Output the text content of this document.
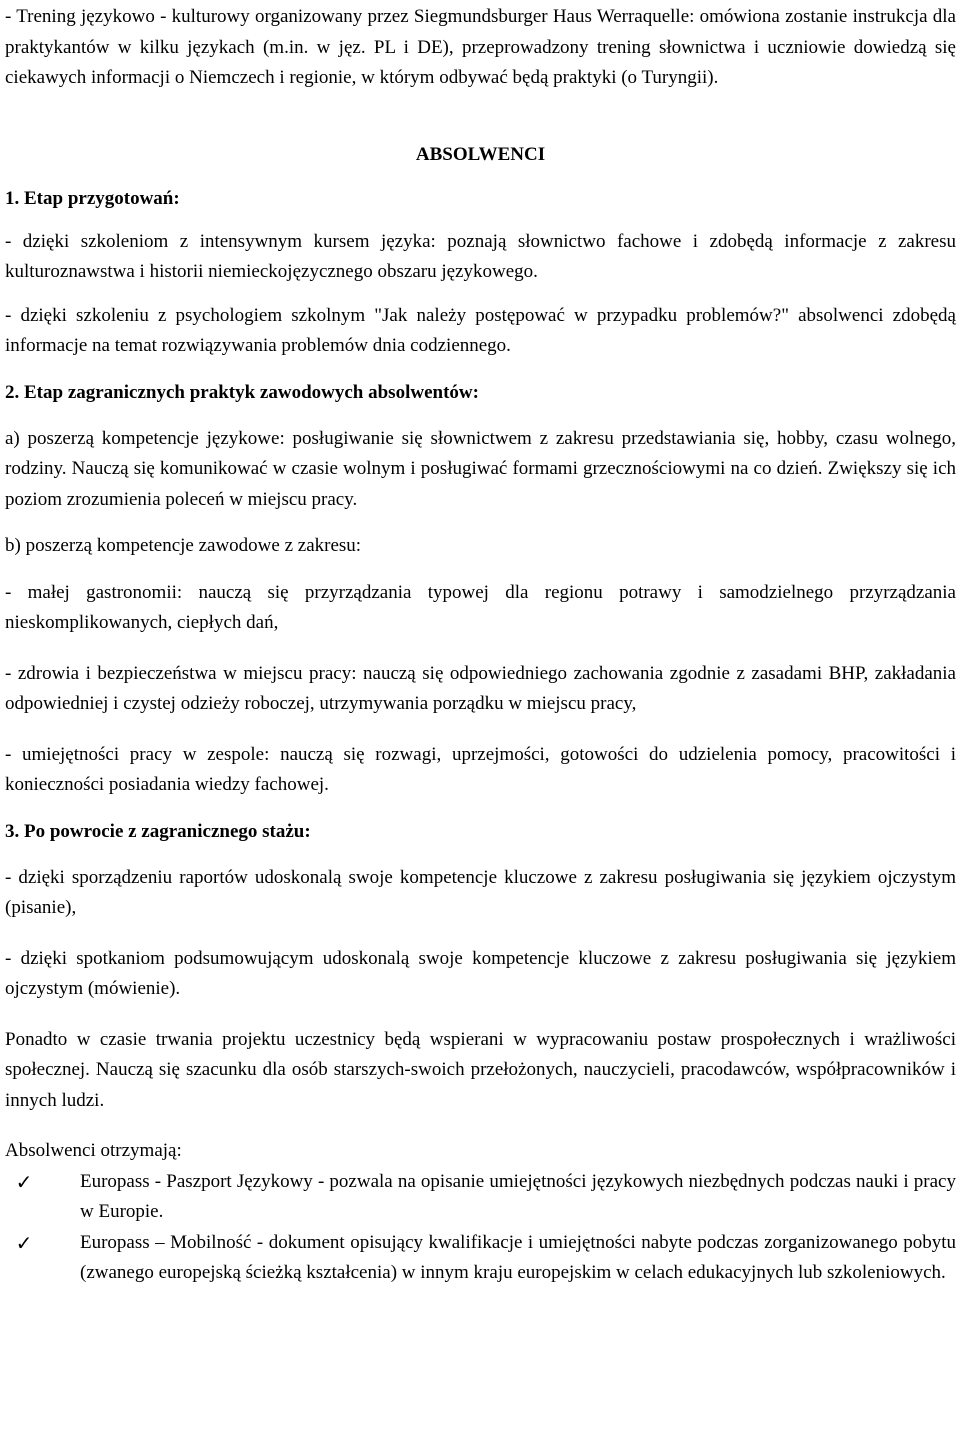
- Trening językowo - kulturowy organizowany przez Siegmundsburger Haus Werraquelle: omówiona zostanie instrukcja dla praktykantów w kilku językach (m.in. w jęz. PL i DE), przeprowadzony trening słownictwa i uczniowie dowiedzą się ciekawych informacji o Niemczech i regionie, w którym odbywać będą praktyki (o Turyngii).

ABSOLWENCI
1. Etap przygotowań:

- dzięki szkoleniom z intensywnym kursem języka: poznają słownictwo fachowe i zdobędą informacje z zakresu kulturoznawstwa i historii niemieckojęzycznego obszaru językowego.

- dzięki szkoleniu z psychologiem szkolnym "Jak należy postępować w przypadku problemów?" absolwenci zdobędą informacje na temat rozwiązywania problemów dnia codziennego.

2. Etap zagranicznych praktyk zawodowych absolwentów:

a) poszerzą kompetencje językowe: posługiwanie się słownictwem z zakresu przedstawiania się, hobby, czasu wolnego, rodziny. Nauczą się komunikować w czasie wolnym i posługiwać formami grzecznościowymi na co dzień. Zwiększy się ich poziom zrozumienia poleceń w miejscu pracy.

b) poszerzą kompetencje zawodowe z zakresu:

- małej gastronomii: nauczą się przyrządzania typowej dla regionu potrawy i samodzielnego przyrządzania nieskomplikowanych, ciepłych dań,

- zdrowia i bezpieczeństwa w miejscu pracy: nauczą się odpowiedniego zachowania zgodnie z zasadami BHP, zakładania odpowiedniej i czystej odzieży roboczej, utrzymywania porządku w miejscu pracy,

- umiejętności pracy w zespole: nauczą się rozwagi, uprzejmości, gotowości do udzielenia pomocy, pracowitości i konieczności posiadania wiedzy fachowej.

3. Po powrocie z zagranicznego stażu:

- dzięki sporządzeniu raportów udoskonalą swoje kompetencje kluczowe z zakresu posługiwania się językiem ojczystym (pisanie),

- dzięki spotkaniom podsumowującym udoskonalą swoje kompetencje kluczowe z zakresu posługiwania się językiem ojczystym (mówienie).

Ponadto w czasie trwania projektu uczestnicy będą wspierani w wypracowaniu postaw prospołecznych i wrażliwości społecznej. Nauczą się szacunku dla osób starszych-swoich przełożonych, nauczycieli, pracodawców, współpracowników i innych ludzi.

Absolwenci otrzymają:

✓	Europass - Paszport Językowy - pozwala na opisanie umiejętności językowych niezbędnych podczas nauki i pracy w Europie.
✓	Europass – Mobilność - dokument opisujący kwalifikacje i umiejętności nabyte podczas zorganizowanego pobytu (zwanego europejską ścieżką kształcenia) w innym kraju europejskim w celach edukacyjnych lub szkoleniowych.
